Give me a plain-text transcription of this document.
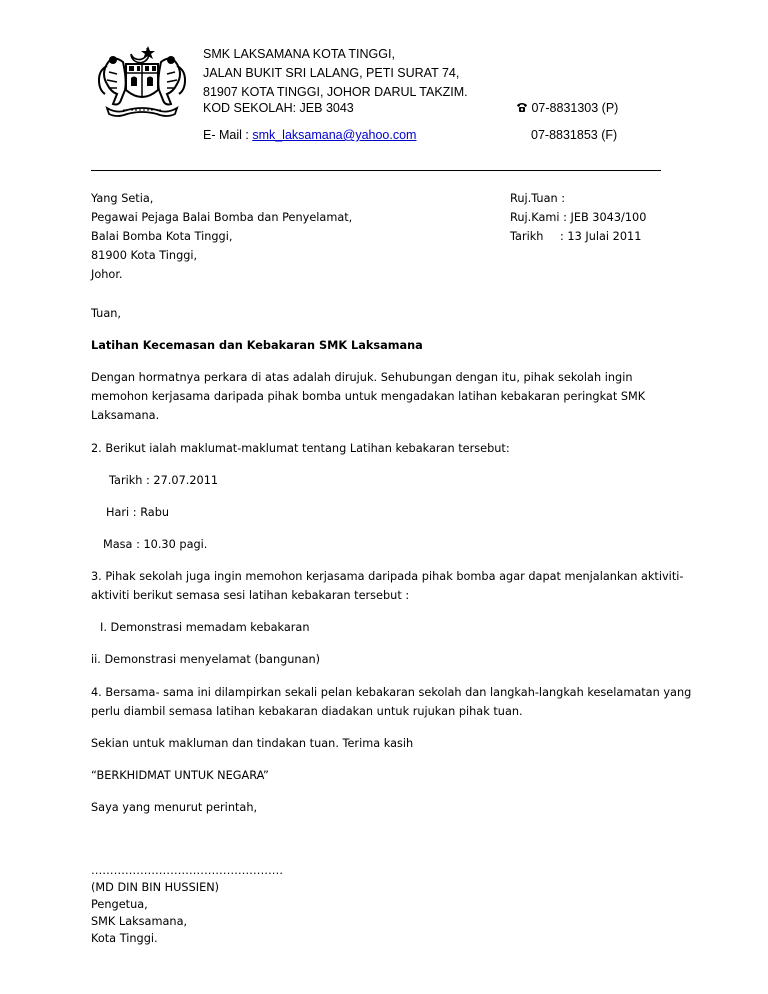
SMK LAKSAMANA KOTA TINGGI,
JALAN BUKIT SRI LALANG, PETI SURAT 74,
81907 KOTA TINGGI, JOHOR DARUL TAKZIM.
KOD SEKOLAH: JEB 3043	07-8831303 (P)
E- Mail : smk_laksamana@yahoo.com	07-8831853 (F)
Yang Setia,
Pegawai Pejaga Balai Bomba dan Penyelamat,
Balai Bomba Kota Tinggi,
81900 Kota Tinggi,
Johor.
Ruj.Tuan :
Ruj.Kami : JEB 3043/100
Tarikh : 13 Julai 2011
Tuan,
Latihan Kecemasan dan Kebakaran SMK Laksamana
Dengan hormatnya perkara di atas adalah dirujuk. Sehubungan dengan itu, pihak sekolah ingin
memohon kerjasama daripada pihak bomba untuk mengadakan latihan kebakaran peringkat SMK
Laksamana.
2. Berikut ialah maklumat-maklumat tentang Latihan kebakaran tersebut:
Tarikh : 27.07.2011
Hari : Rabu
Masa : 10.30 pagi.
3. Pihak sekolah juga ingin memohon kerjasama daripada pihak bomba agar dapat menjalankan aktiviti-
aktiviti berikut semasa sesi latihan kebakaran tersebut :
I. Demonstrasi memadam kebakaran
ii. Demonstrasi menyelamat (bangunan)
4. Bersama- sama ini dilampirkan sekali pelan kebakaran sekolah dan langkah-langkah keselamatan yang
perlu diambil semasa latihan kebakaran diadakan untuk rujukan pihak tuan.
Sekian untuk makluman dan tindakan tuan. Terima kasih
“BERKHIDMAT UNTUK NEGARA”
Saya yang menurut perintah,
……………………………………………
(MD DIN BIN HUSSIEN)
Pengetua,
SMK Laksamana,
Kota Tinggi.
